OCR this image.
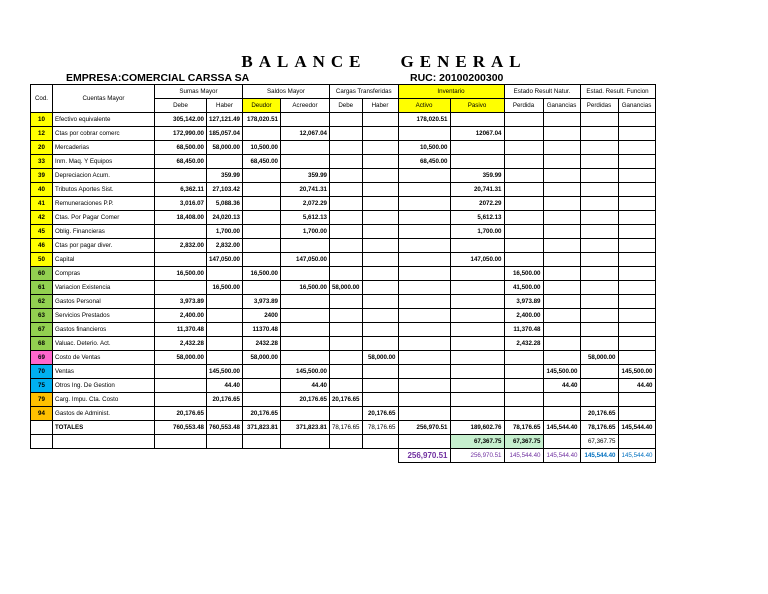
BALANCE GENERAL
EMPRESA:COMERCIAL CARSSA SA	RUC: 20100200300
Cod.	Cuentas Mayor	Sumas Mayor		Saldos Mayor		Cargas Transferidas		Inventario		Estado Result Natur.		Estad. Result. Funcion	
		Debe	Haber	Deudor	Acreedor	Debe	Haber	Activo	Pasivo	Perdida	Ganancias	Perdidas	Ganancias
10	Efectivo equivalente	305,142.00	127,121.49	178,020.51				178,020.51					
12	Ctas por cobrar comerc	172,990.00	185,057.04		12,067.04				12067.04				
20	Mercaderias	68,500.00	58,000.00	10,500.00				10,500.00					
33	Inm. Maq. Y Equipos	68,450.00		68,450.00				68,450.00					
39	Depreciacion Acum.		359.99		359.99				359.99				
40	Tributos Aportes Sist.	6,362.11	27,103.42		20,741.31				20,741.31				
41	Remuneraciones P.P.	3,016.07	5,088.36		2,072.29				2072.29				
42	Ctas. Por Pagar Comer	18,408.00	24,020.13		5,612.13				5,612.13				
45	Oblig. Financieras		1,700.00		1,700.00				1,700.00				
46	Ctas por pagar diver.	2,832.00	2,832.00										
50	Capital		147,050.00		147,050.00				147,050.00				
60	Compras	16,500.00		16,500.00						16,500.00			
61	Variacion Existencia		16,500.00		16,500.00	58,000.00				41,500.00			
62	Gastos Personal	3,973.89		3,973.89						3,973.89			
63	Servicios Prestados	2,400.00		2400						2,400.00			
67	Gastos financieros	11,370.48		11370.48						11,370.48			
68	Valuac. Deterio. Act.	2,432.28		2432.28						2,432.28			
69	Costo de Ventas	58,000.00		58,000.00			58,000.00					58,000.00	
70	Ventas		145,500.00		145,500.00						145,500.00		145,500.00
75	Otros Ing. De Gestion		44.40		44.40						44.40		44.40
79	Carg. Impu. Cta. Costo		20,176.65		20,176.65	20,176.65							
94	Gastos de Administ.	20,176.65		20,176.65			20,176.65					20,176.65	
	TOTALES	760,553.48	760,553.48	371,823.81	371,823.81	78,176.65	78,176.65	256,970.51	189,602.76	78,176.65	145,544.40	78,176.65	145,544.40
									67,367.75	67,367.75		67,367.75	
								256,970.51	256,970.51	145,544.40	145,544.40	145,544.40	145,544.40
